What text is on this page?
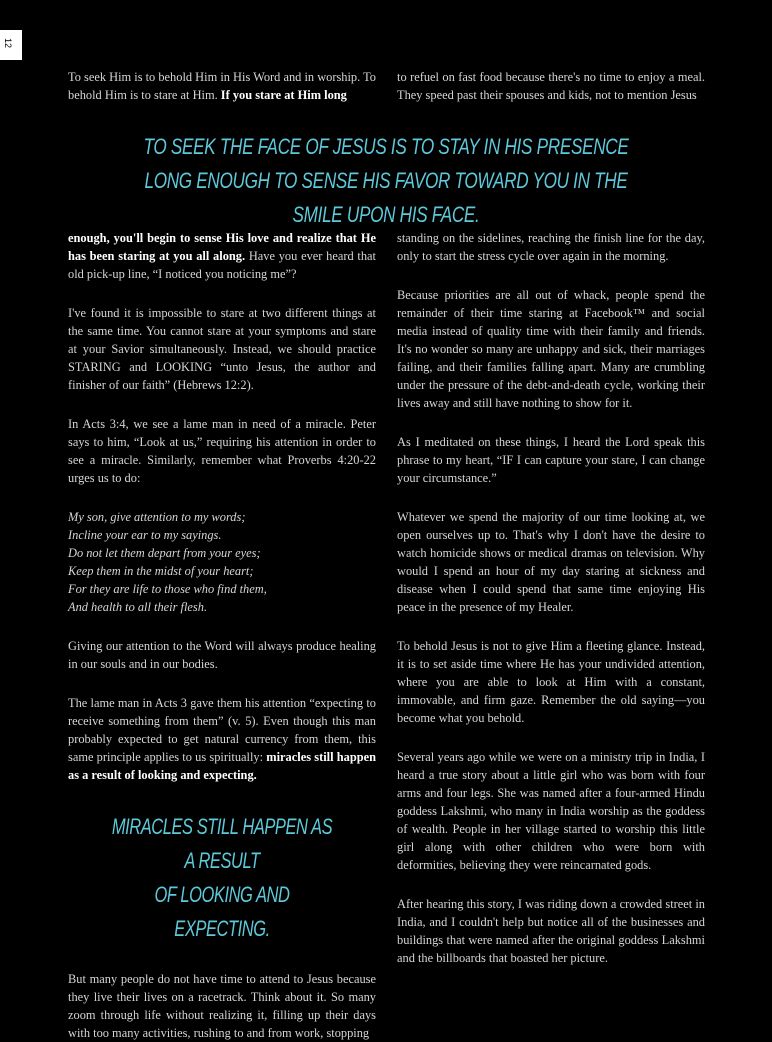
12

To seek Him is to behold Him in His Word and in worship. To behold Him is to stare at Him. If you stare at Him long

to refuel on fast food because there's no time to enjoy a meal. They speed past their spouses and kids, not to mention Jesus

TO SEEK THE FACE OF JESUS IS TO STAY IN HIS PRESENCE LONG ENOUGH TO SENSE HIS FAVOR TOWARD YOU IN THE SMILE UPON HIS FACE.

enough, you'll begin to sense His love and realize that He has been staring at you all along. Have you ever heard that old pick-up line, “I noticed you noticing me”?

I've found it is impossible to stare at two different things at the same time. You cannot stare at your symptoms and stare at your Savior simultaneously. Instead, we should practice STARING and LOOKING “unto Jesus, the author and finisher of our faith” (Hebrews 12:2).

In Acts 3:4, we see a lame man in need of a miracle. Peter says to him, “Look at us,” requiring his attention in order to see a miracle. Similarly, remember what Proverbs 4:20-22 urges us to do:

My son, give attention to my words;

Incline your ear to my sayings.

Do not let them depart from your eyes;

Keep them in the midst of your heart;

For they are life to those who find them,

And health to all their flesh.

Giving our attention to the Word will always produce healing in our souls and in our bodies.

The lame man in Acts 3 gave them his attention “expecting to receive something from them” (v. 5). Even though this man probably expected to get natural currency from them, this same principle applies to us spiritually: miracles still happen as a result of looking and expecting.

MIRACLES STILL HAPPEN AS A RESULT
OF LOOKING AND EXPECTING.

But many people do not have time to attend to Jesus because they live their lives on a racetrack. Think about it. So many zoom through life without realizing it, filling up their days with too many activities, rushing to and from work, stopping

standing on the sidelines, reaching the finish line for the day, only to start the stress cycle over again in the morning.

Because priorities are all out of whack, people spend the remainder of their time staring at Facebook™ and social media instead of quality time with their family and friends. It's no wonder so many are unhappy and sick, their marriages failing, and their families falling apart. Many are crumbling under the pressure of the debt-and-death cycle, working their lives away and still have nothing to show for it.

As I meditated on these things, I heard the Lord speak this phrase to my heart, “IF I can capture your stare, I can change your circumstance.”

Whatever we spend the majority of our time looking at, we open ourselves up to. That's why I don't have the desire to watch homicide shows or medical dramas on television. Why would I spend an hour of my day staring at sickness and disease when I could spend that same time enjoying His peace in the presence of my Healer.

To behold Jesus is not to give Him a fleeting glance. Instead, it is to set aside time where He has your undivided attention, where you are able to look at Him with a constant, immovable, and firm gaze. Remember the old saying—you become what you behold.

Several years ago while we were on a ministry trip in India, I heard a true story about a little girl who was born with four arms and four legs. She was named after a four-armed Hindu goddess Lakshmi, who many in India worship as the goddess of wealth. People in her village started to worship this little girl along with other children who were born with deformities, believing they were reincarnated gods.

After hearing this story, I was riding down a crowded street in India, and I couldn't help but notice all of the businesses and buildings that were named after the original goddess Lakshmi and the billboards that boasted her picture.
